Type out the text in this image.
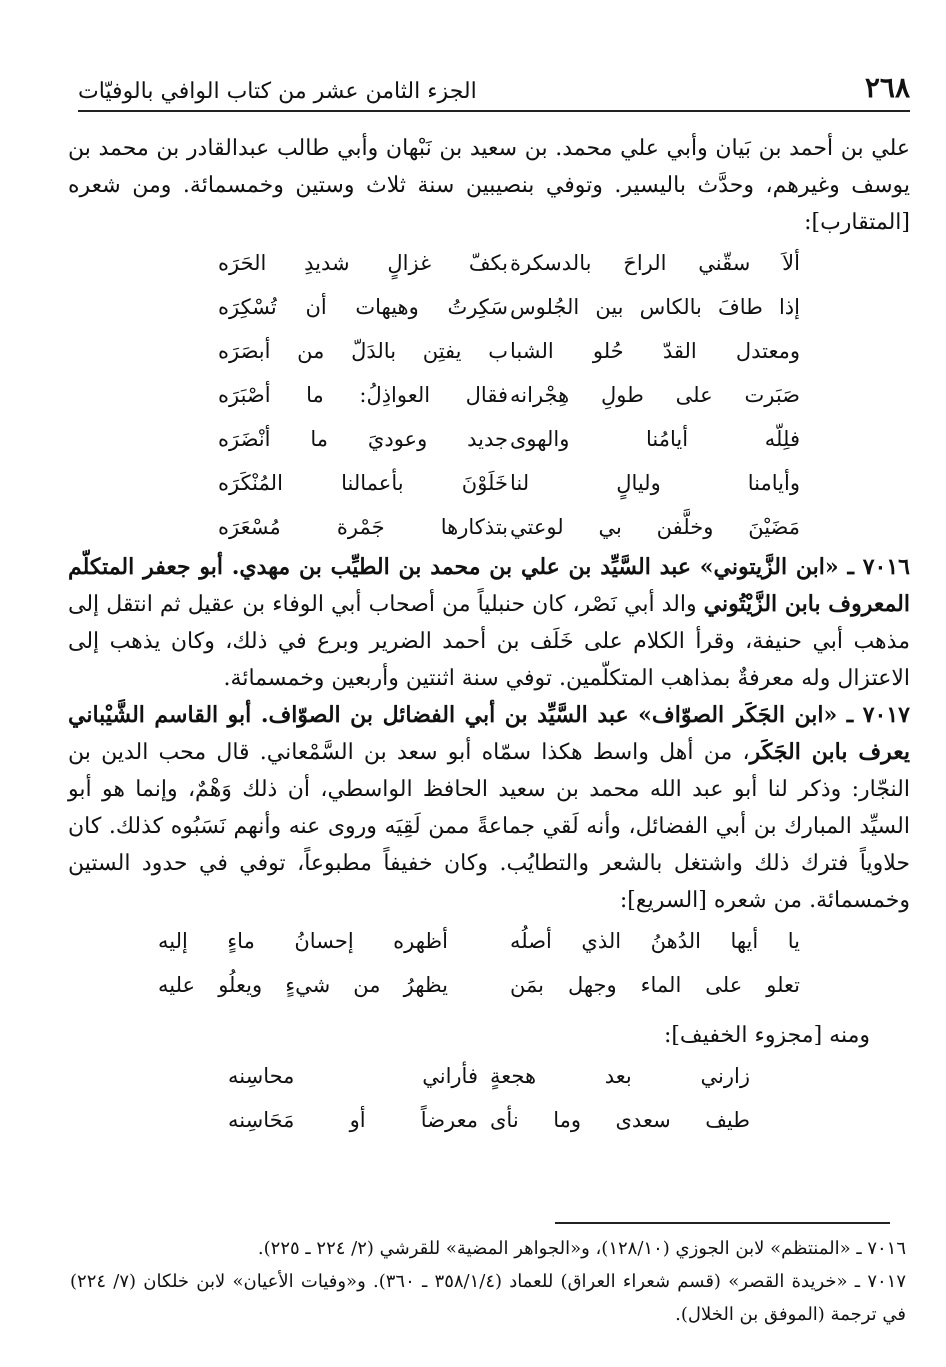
٢٦٨
الجزء الثامن عشر من كتاب الوافي بالوفيّات

علي بن أحمد بن بَيان وأبي علي محمد. بن سعيد بن نَبْهان وأبي طالب عبدالقادر بن محمد بن يوسف وغيرهم، وحدَّث باليسير. وتوفي بنصيبين سنة ثلاث وستين وخمسمائة. ومن شعره [المتقارب]:

ألاَ سقّني الراحَ بالدسكرة
بكفّ غزالٍ شديدِ الحَرَه
إذا طافَ بالكاس بين الجُلوس
سَكِرتُ وهيهات أن تُسْكِرَه
ومعتدل القدّ حُلو الشبا
ب يفتِن بالدَلّ من أبصَرَه
صَبَرت على طولِ هِجْرانه
فقال العواذِلُ: ما أصْبَرَه
فلِلّه أيامُنا والهوى
جديد وعوديَ ما أنْضَرَه
وأيامنا وليالٍ لنا
خَلَوْنَ بأعمالنا المُنْكَرَه
مَضَيْنَ وخلَّفن بي لوعتي
بتذكارها جَمْرة مُسْعَرَه

٧٠١٦ ـ «ابن الزَّيتوني» عبد السَّيِّد بن علي بن محمد بن الطيِّب بن مهدي. أبو جعفر المتكلّم المعروف بابن الزَّيْتُوني والد أبي نَصْر، كان حنبلياً من أصحاب أبي الوفاء بن عقيل ثم انتقل إلى مذهب أبي حنيفة، وقرأ الكلام على خَلَف بن أحمد الضرير وبرع في ذلك، وكان يذهب إلى الاعتزال وله معرفةٌ بمذاهب المتكلّمين. توفي سنة اثنتين وأربعين وخمسمائة.

٧٠١٧ ـ «ابن الجَكَر الصوّاف» عبد السَّيِّد بن أبي الفضائل بن الصوّاف. أبو القاسم الشَّيْباني يعرف بابن الجَكَر، من أهل واسط هكذا سمّاه أبو سعد بن السَّمْعاني. قال محب الدين بن النجّار: وذكر لنا أبو عبد الله محمد بن سعيد الحافظ الواسطي، أن ذلك وَهْمٌ، وإنما هو أبو السيِّد المبارك بن أبي الفضائل، وأنه لَقي جماعةً ممن لَقِيَه وروى عنه وأنهم نَسَبُوه كذلك. كان حلاوياً فترك ذلك واشتغل بالشعر والتطايُب. وكان خفيفاً مطبوعاً، توفي في حدود الستين وخمسمائة. من شعره [السريع]:

يا أيها الدُهنُ الذي أصلُه
أظهره إحسانُ ماءٍ إليه
تعلو على الماء وجهل بمَن
يظهرُ من شيءٍ ويعلُو عليه

ومنه [مجزوء الخفيف]:

زارني بعد هجعةٍ
فأراني محاسِنه
طيف سعدى وما نأى
معرضاً أو مَحَاسِنه

٧٠١٦ ـ «المنتظم» لابن الجوزي (١٢٨/١٠)، و«الجواهر المضية» للقرشي (٢/ ٢٢٤ ـ ٢٢٥).

٧٠١٧ ـ «خريدة القصر» (قسم شعراء العراق) للعماد (٣٥٨/١/٤ ـ ٣٦٠). و«وفيات الأعيان» لابن خلكان (٧/ ٢٢٤) في ترجمة (الموفق بن الخلال).
